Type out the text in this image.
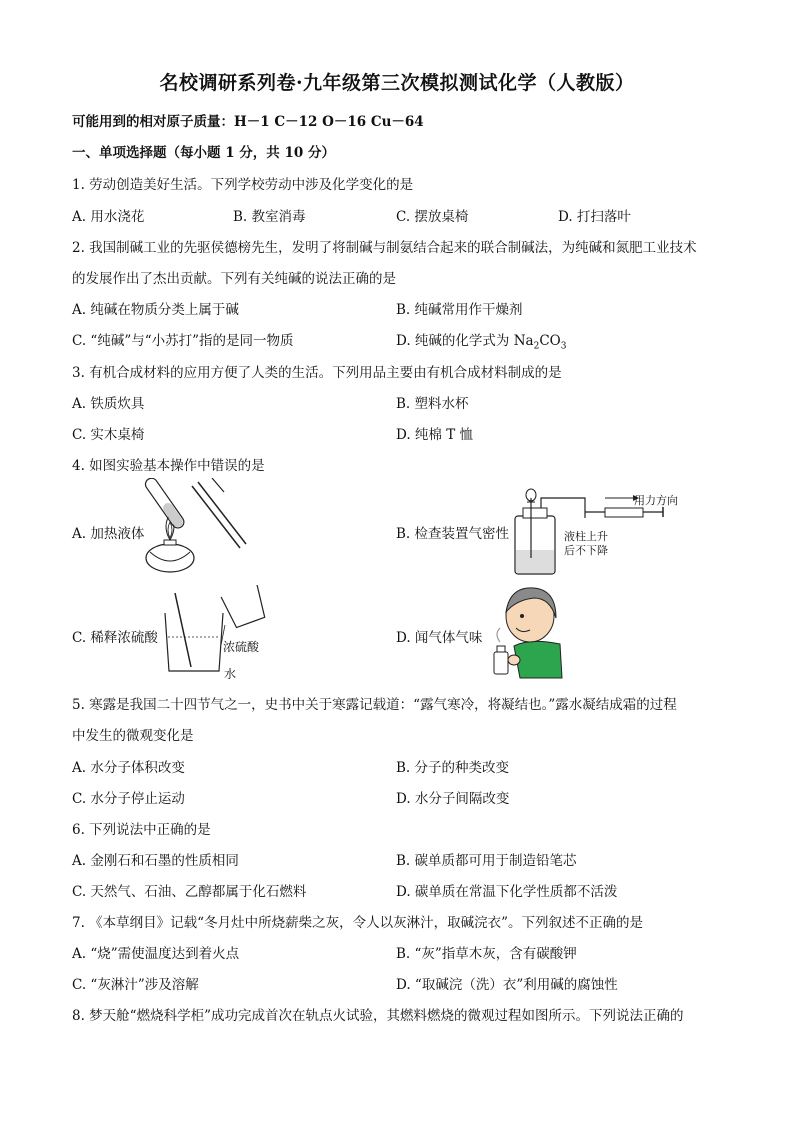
名校调研系列卷·九年级第三次模拟测试化学（人教版）
可能用到的相对原子质量：H－1 C－12 O－16 Cu－64
一、单项选择题（每小题 1 分，共 10 分）
1. 劳动创造美好生活。下列学校劳动中涉及化学变化的是
A. 用水浇花	B. 教室消毒	C. 摆放桌椅	D. 打扫落叶
2. 我国制碱工业的先驱侯德榜先生，发明了将制碱与制氨结合起来的联合制碱法，为纯碱和氮肥工业技术
的发展作出了杰出贡献。下列有关纯碱的说法正确的是
A. 纯碱在物质分类上属于碱	B. 纯碱常用作干燥剂
C. “纯碱”与“小苏打”指的是同一物质	D. 纯碱的化学式为 $Na_2CO_3$
3. 有机合成材料的应用方便了人类的生活。下列用品主要由有机合成材料制成的是
A. 铁质炊具	B. 塑料水杯
C. 实木桌椅	D. 纯棉 T 恤
4. 如图实验基本操作中错误的是
A. 加热液体	B. 检查装置气密性
用力方向
液柱上升
后不下降
C. 稀释浓硫酸
浓硫酸
水
D. 闻气体气味
5. 寒露是我国二十四节气之一，史书中关于寒露记载道：“露气寒冷，将凝结也。”露水凝结成霜的过程
中发生的微观变化是
A. 水分子体积改变	B. 分子的种类改变
C. 水分子停止运动	D. 水分子间隔改变
6. 下列说法中正确的是
A. 金刚石和石墨的性质相同	B. 碳单质都可用于制造铅笔芯
C. 天然气、石油、乙醇都属于化石燃料	D. 碳单质在常温下化学性质都不活泼
7. 《本草纲目》记载“冬月灶中所烧薪柴之灰，令人以灰淋汁，取碱浣衣”。下列叙述不正确的是
A. “烧”需使温度达到着火点	B. “灰”指草木灰，含有碳酸钾
C. “灰淋汁”涉及溶解	D. “取碱浣（洗）衣”利用碱的腐蚀性
8. 梦天舱“燃烧科学柜”成功完成首次在轨点火试验，其燃料燃烧的微观过程如图所示。下列说法正确的
